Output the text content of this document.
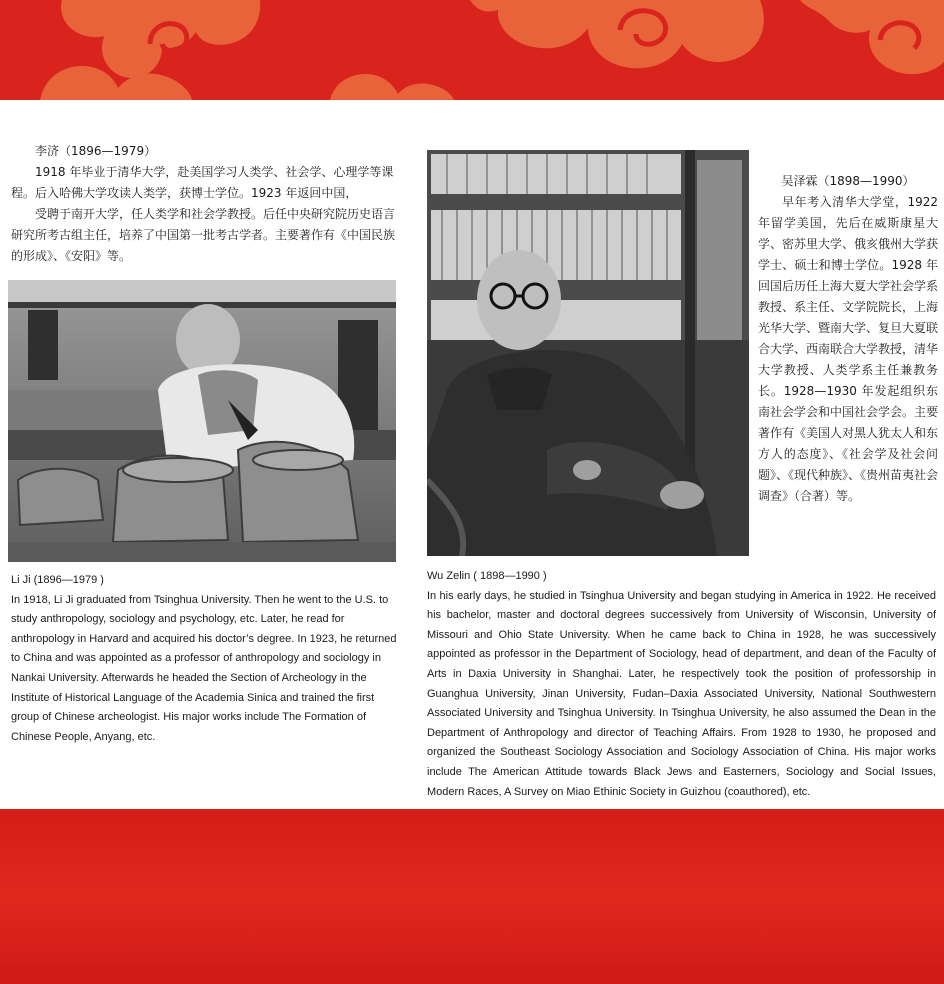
李济（1896—1979）

1918 年毕业于清华大学，赴美国学习人类学、社会学、心理学等课程。后入哈佛大学攻读人类学，获博士学位。1923 年返回中国，

受聘于南开大学，任人类学和社会学教授。后任中央研究院历史语言研究所考古组主任，培养了中国第一批考古学者。主要著作有《中国民族的形成》、《安阳》等。

吴泽霖（1898—1990）

早年考入清华大学堂，1922 年留学美国，先后在威斯康星大学、密苏里大学、俄亥俄州大学获学士、硕士和博士学位。1928 年回国后历任上海大夏大学社会学系教授、系主任、文学院院长，上海光华大学、暨南大学、复旦大夏联合大学、西南联合大学教授，清华大学教授、人类学系主任兼教务长。1928—1930 年发起组织东南社会学会和中国社会学会。主要著作有《美国人对黑人犹太人和东方人的态度》、《社会学及社会问题》、《现代种族》、《贵州苗夷社会调查》（合著）等。

Li Ji (1896—1979 )

In 1918, Li Ji graduated from Tsinghua University. Then he went to the U.S. to study anthropology, sociology and psychology, etc. Later, he read for anthropology in Harvard and acquired his doctor’s degree. In 1923, he returned to China and was appointed as a professor of anthropology and sociology in Nankai University. Afterwards he headed the Section of Archeology in the Institute of Historical Language of the Academia Sinica and trained the first group of Chinese archeologist. His major works include The Formation of Chinese People, Anyang, etc.

Wu Zelin ( 1898—1990 )

In his early days, he studied in Tsinghua University and began studying in America in 1922. He received his bachelor, master and doctoral degrees successively from University of Wisconsin, University of Missouri and Ohio State University. When he came back to China in 1928, he was successively appointed as professor in the Department of Sociology, head of department, and dean of the Faculty of Arts in Daxia University in Shanghai. Later, he respectively took the position of professorship in Guanghua University, Jinan University, Fudan–Daxia Associated University, National Southwestern Associated University and Tsinghua University. In Tsinghua University, he also assumed the Dean in the Department of Anthropology and director of Teaching Affairs. From 1928 to 1930, he proposed and organized the Southeast Sociology Association and Sociology Association of China. His major works include The American Attitude towards Black Jews and Easterners, Sociology and Social Issues, Modern Races, A Survey on Miao Ethinic Society in Guizhou (coauthored), etc.
